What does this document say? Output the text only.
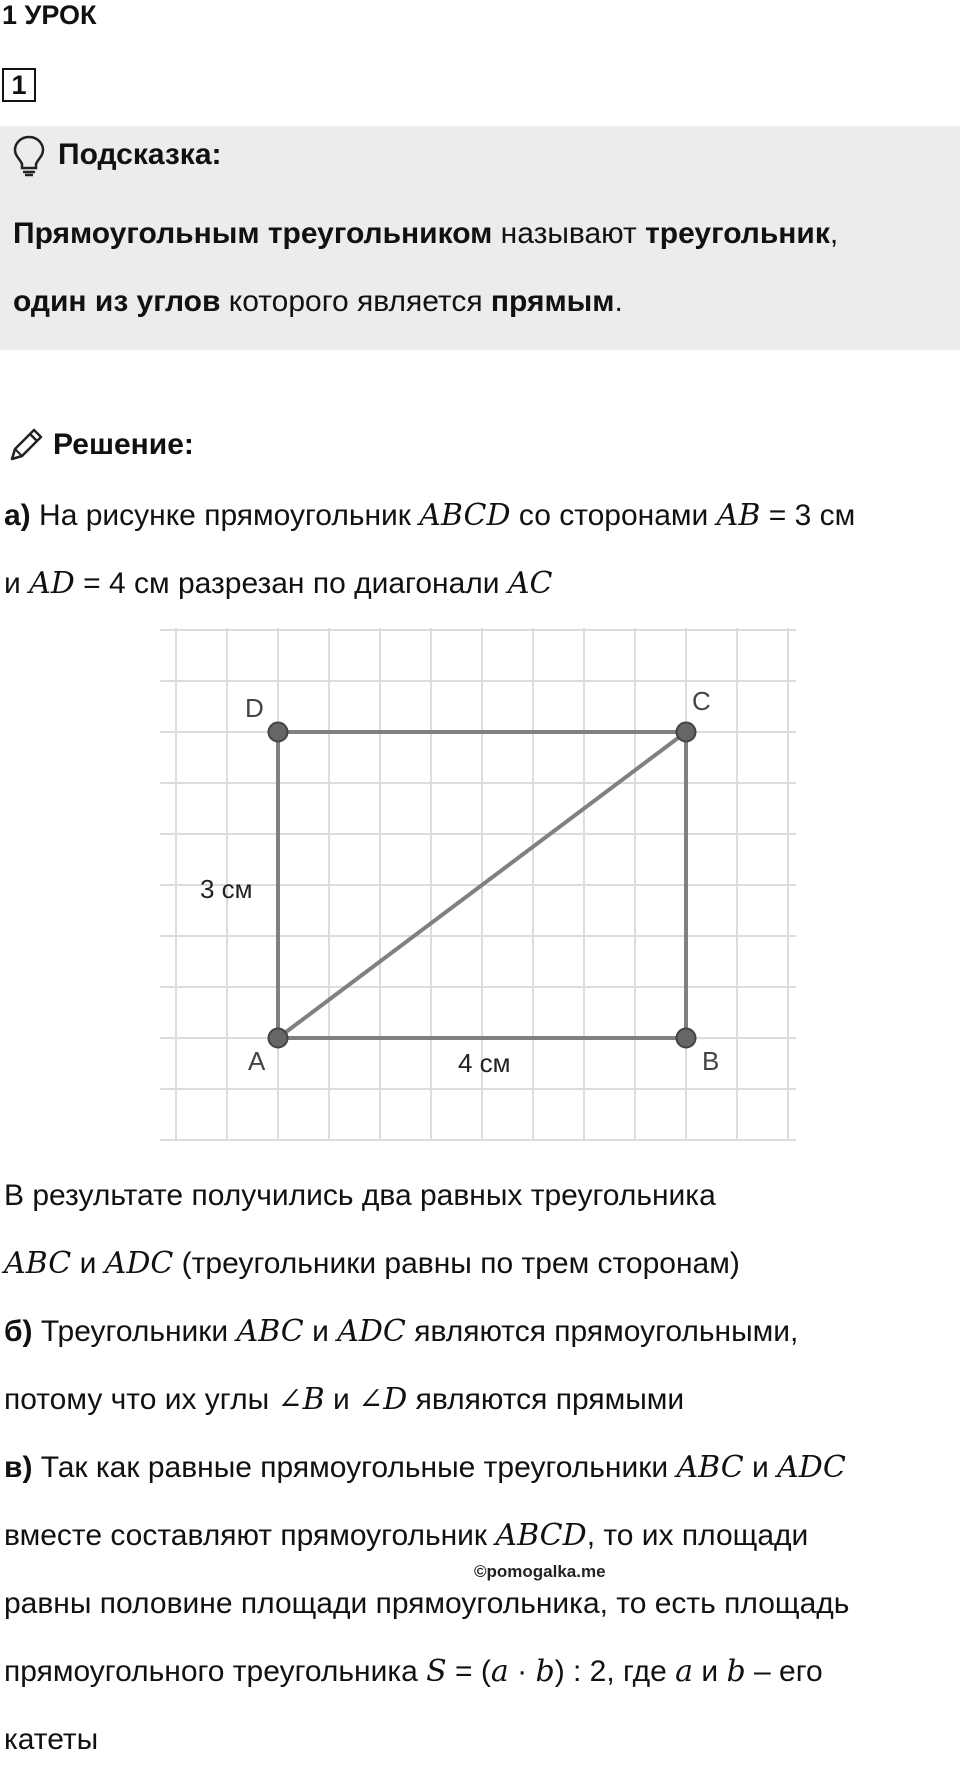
1 УРОК
1
Подсказка:
Прямоугольным треугольником называют треугольник,
один из углов которого является прямым.
Решение:
а) На рисунке прямоугольник ABCD со сторонами AB = 3 см
и AD = 4 см разрезан по диагонали AC
D	C
A	B
3 см
4 см
В результате получились два равных треугольника
ABC и ADC (треугольники равны по трем сторонам)
б) Треугольники ABC и ADC являются прямоугольными,
потому что их углы ∠B и ∠D являются прямыми
в) Так как равные прямоугольные треугольники ABC и ADC
вместе составляют прямоугольник ABCD, то их площади
равны половине площади прямоугольника, то есть площадь
прямоугольного треугольника S = (a · b) : 2, где a и b – его
катеты
©pomogalka.me
